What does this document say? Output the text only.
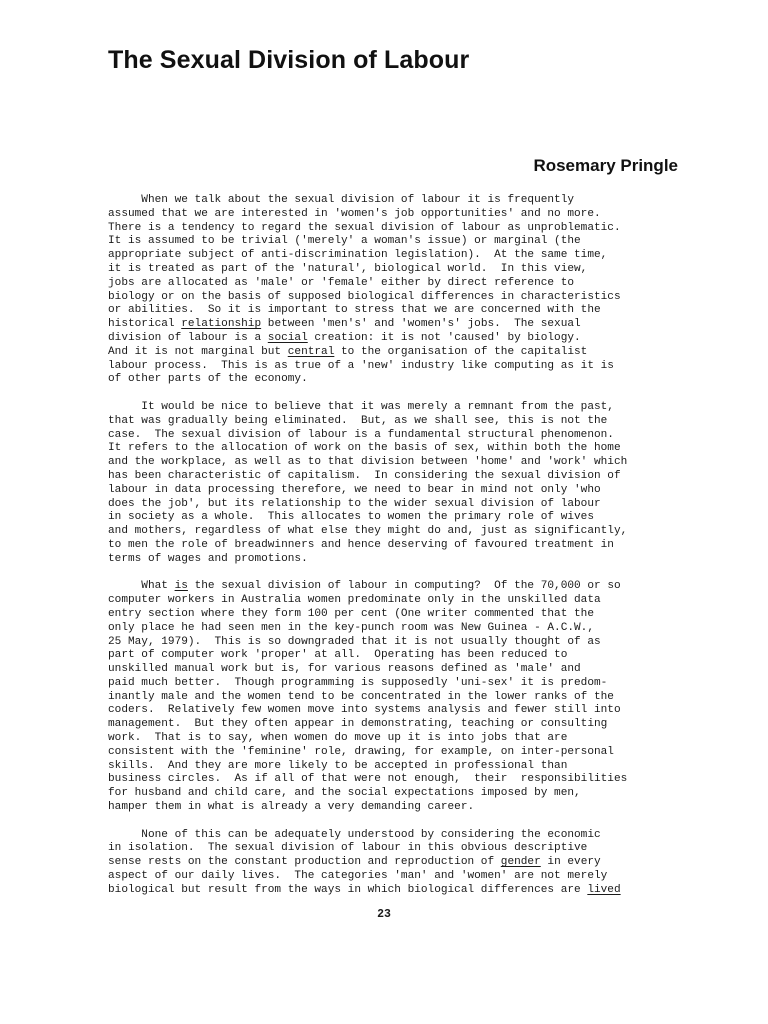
The Sexual Division of Labour
Rosemary Pringle
When we talk about the sexual division of labour it is frequently
assumed that we are interested in 'women's job opportunities' and no more.
There is a tendency to regard the sexual division of labour as unproblematic.
It is assumed to be trivial ('merely' a woman's issue) or marginal (the
appropriate subject of anti-discrimination legislation).  At the same time,
it is treated as part of the 'natural', biological world.  In this view,
jobs are allocated as 'male' or 'female' either by direct reference to
biology or on the basis of supposed biological differences in characteristics
or abilities.  So it is important to stress that we are concerned with the
historical relationship between 'men's' and 'women's' jobs.  The sexual
division of labour is a social creation: it is not 'caused' by biology.
And it is not marginal but central to the organisation of the capitalist
labour process.  This is as true of a 'new' industry like computing as it is
of other parts of the economy.
It would be nice to believe that it was merely a remnant from the past,
that was gradually being eliminated.  But, as we shall see, this is not the
case.  The sexual division of labour is a fundamental structural phenomenon.
It refers to the allocation of work on the basis of sex, within both the home
and the workplace, as well as to that division between 'home' and 'work' which
has been characteristic of capitalism.  In considering the sexual division of
labour in data processing therefore, we need to bear in mind not only 'who
does the job', but its relationship to the wider sexual division of labour
in society as a whole.  This allocates to women the primary role of wives
and mothers, regardless of what else they might do and, just as significantly,
to men the role of breadwinners and hence deserving of favoured treatment in
terms of wages and promotions.
What is the sexual division of labour in computing?  Of the 70,000 or so
computer workers in Australia women predominate only in the unskilled data
entry section where they form 100 per cent (One writer commented that the
only place he had seen men in the key-punch room was New Guinea - A.C.W.,
25 May, 1979).  This is so downgraded that it is not usually thought of as
part of computer work 'proper' at all.  Operating has been reduced to
unskilled manual work but is, for various reasons defined as 'male' and
paid much better.  Though programming is supposedly 'uni-sex' it is predom-
inantly male and the women tend to be concentrated in the lower ranks of the
coders.  Relatively few women move into systems analysis and fewer still into
management.  But they often appear in demonstrating, teaching or consulting
work.  That is to say, when women do move up it is into jobs that are
consistent with the 'feminine' role, drawing, for example, on inter-personal
skills.  And they are more likely to be accepted in professional than
business circles.  As if all of that were not enough,  their  responsibilities
for husband and child care, and the social expectations imposed by men,
hamper them in what is already a very demanding career.
None of this can be adequately understood by considering the economic
in isolation.  The sexual division of labour in this obvious descriptive
sense rests on the constant production and reproduction of gender in every
aspect of our daily lives.  The categories 'man' and 'women' are not merely
biological but result from the ways in which biological differences are lived
23
